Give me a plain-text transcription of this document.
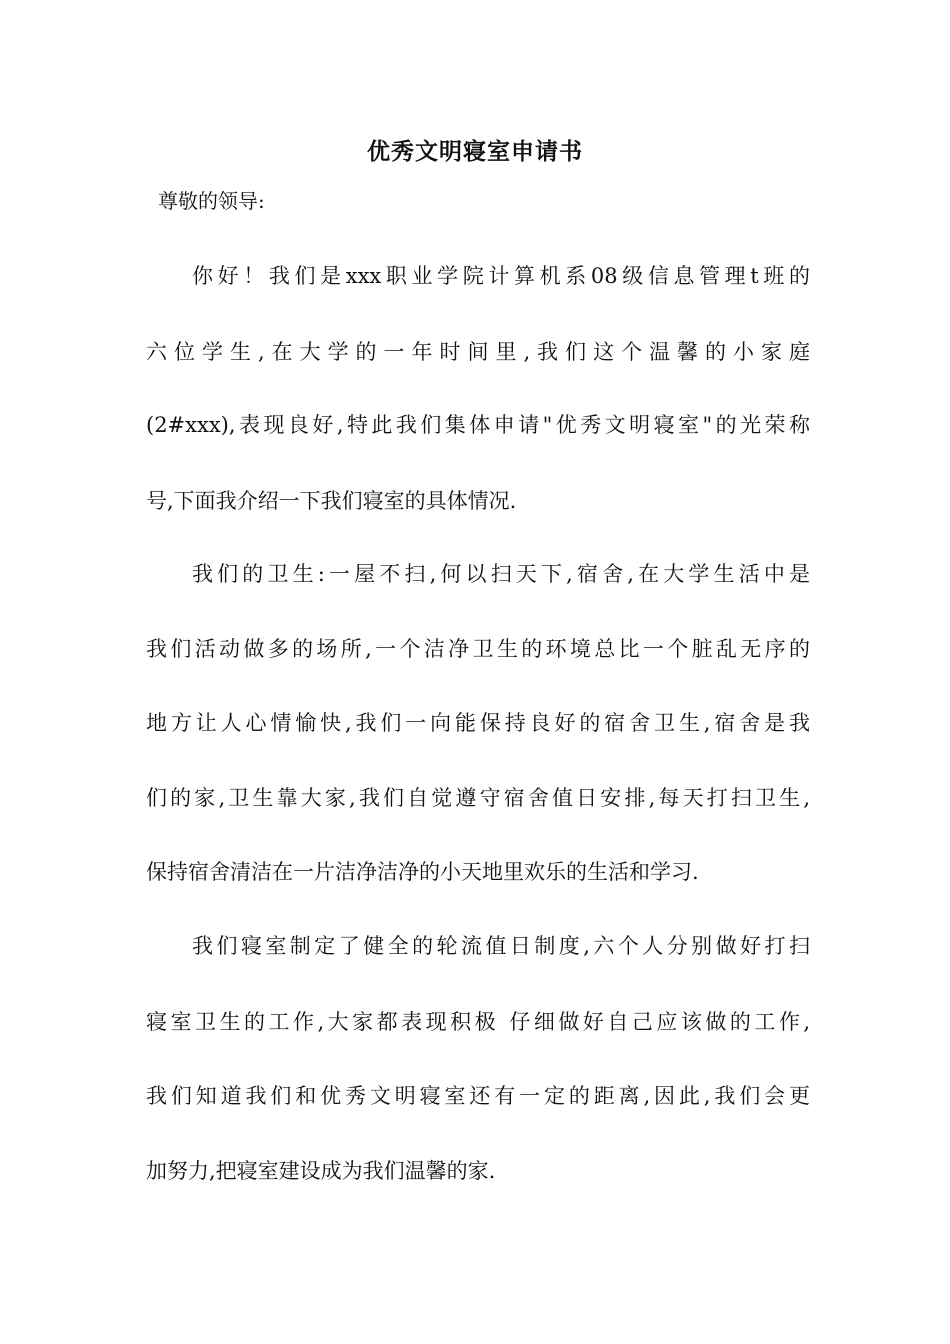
优秀文明寝室申请书

尊敬的领导:

你好！我们是xxx职业学院计算机系08级信息管理t班的

六位学生,在大学的一年时间里,我们这个温馨的小家庭

(2#xxx),表现良好,特此我们集体申请"优秀文明寝室"的光荣称

号,下面我介绍一下我们寝室的具体情况.

我们的卫生:一屋不扫,何以扫天下,宿舍,在大学生活中是

我们活动做多的场所,一个洁净卫生的环境总比一个脏乱无序的

地方让人心情愉快,我们一向能保持良好的宿舍卫生,宿舍是我

们的家,卫生靠大家,我们自觉遵守宿舍值日安排,每天打扫卫生,

保持宿舍清洁在一片洁净洁净的小天地里欢乐的生活和学习.

我们寝室制定了健全的轮流值日制度,六个人分别做好打扫

寝室卫生的工作,大家都表现积极 仔细做好自己应该做的工作,

我们知道我们和优秀文明寝室还有一定的距离,因此,我们会更

加努力,把寝室建设成为我们温馨的家.
